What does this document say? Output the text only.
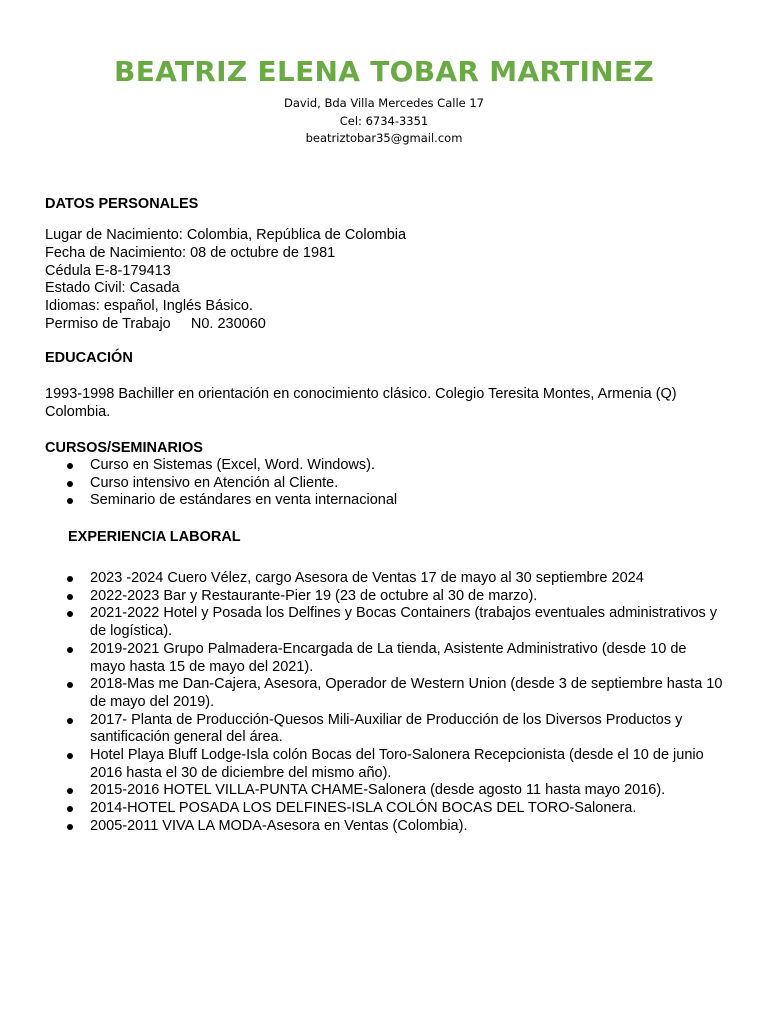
BEATRIZ ELENA TOBAR MARTINEZ
David, Bda Villa Mercedes Calle 17
Cel: 6734-3351
beatriztobar35@gmail.com
DATOS PERSONALES
Lugar de Nacimiento: Colombia, República de Colombia
Fecha de Nacimiento: 08 de octubre de 1981
Cédula E-8-179413
Estado Civil: Casada
Idiomas: español, Inglés Básico.
Permiso de Trabajo     N0. 230060
EDUCACIÓN

1993-1998 Bachiller en orientación en conocimiento clásico. Colegio Teresita Montes, Armenia (Q) Colombia.

CURSOS/SEMINARIOS
Curso en Sistemas (Excel, Word. Windows).
Curso intensivo en Atención al Cliente.
Seminario de estándares en venta internacional
EXPERIENCIA LABORAL
2023 -2024 Cuero Vélez, cargo Asesora de Ventas 17 de mayo al 30 septiembre 2024
2022-2023 Bar y Restaurante-Pier 19 (23 de octubre al 30 de marzo).
2021-2022 Hotel y Posada los Delfines y Bocas Containers (trabajos eventuales administrativos y de logística).
2019-2021 Grupo Palmadera-Encargada de La tienda, Asistente Administrativo (desde 10 de mayo hasta 15 de mayo del 2021).
2018-Mas me Dan-Cajera, Asesora, Operador de Western Union (desde 3 de septiembre hasta 10 de mayo del 2019).
2017- Planta de Producción-Quesos Mili-Auxiliar de Producción de los Diversos Productos y santificación general del área.
Hotel Playa Bluff Lodge-Isla colón Bocas del Toro-Salonera Recepcionista (desde el 10 de junio 2016 hasta el 30 de diciembre del mismo año).
2015-2016 HOTEL VILLA-PUNTA CHAME-Salonera (desde agosto 11 hasta mayo 2016).
2014-HOTEL POSADA LOS DELFINES-ISLA COLÓN BOCAS DEL TORO-Salonera.
2005-2011 VIVA LA MODA-Asesora en Ventas (Colombia).
